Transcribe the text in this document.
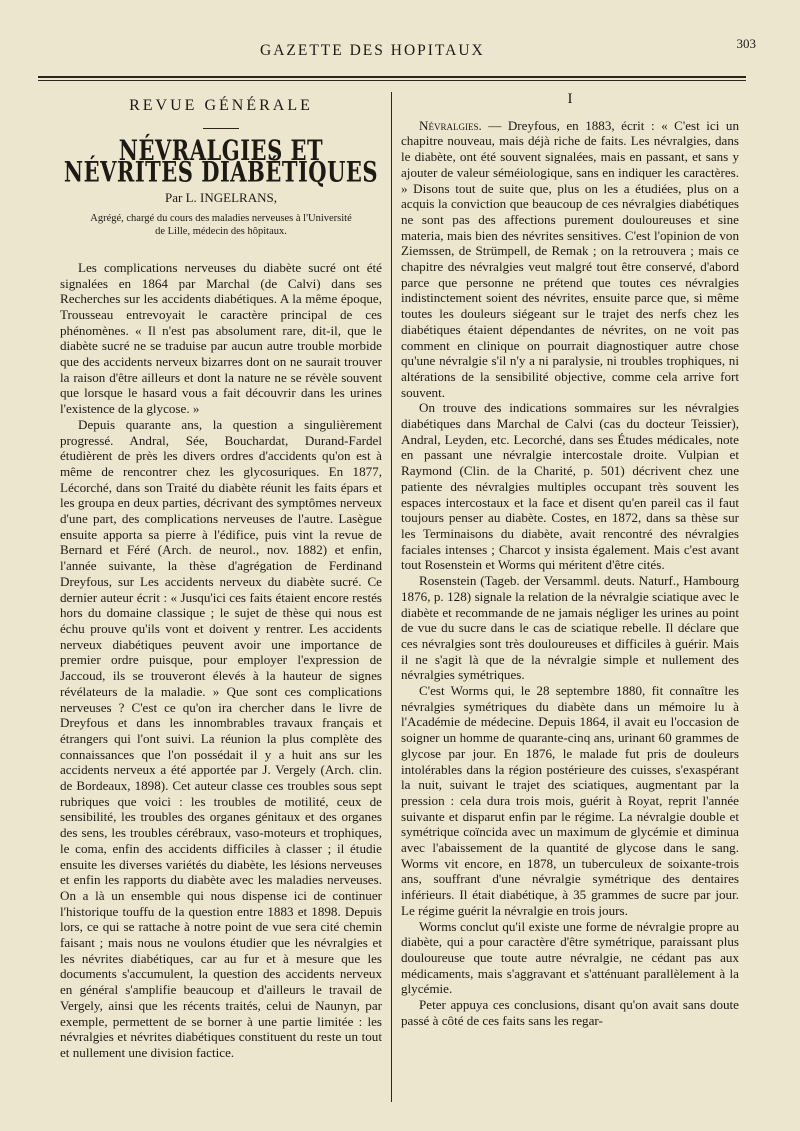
GAZETTE DES HOPITAUX	303
REVUE GÉNÉRALE
NÉVRALGIES ET NÉVRITES DIABÉTIQUES
Par L. INGELRANS,
Agrégé, chargé du cours des maladies nerveuses à l'Université
de Lille, médecin des hôpitaux.

Les complications nerveuses du diabète sucré ont été signalées en 1864 par Marchal (de Calvi) dans ses Recherches sur les accidents diabétiques. A la même époque, Trousseau entrevoyait le caractère principal de ces phénomènes. « Il n'est pas absolument rare, dit-il, que le diabète sucré ne se traduise par aucun autre trouble morbide que des accidents nerveux bizarres dont on ne saurait trouver la raison d'être ailleurs et dont la nature ne se révèle souvent que lorsque le hasard vous a fait découvrir dans les urines l'existence de la glycose. »

Depuis quarante ans, la question a singulièrement progressé. Andral, Sée, Bouchardat, Durand-Fardel étudièrent de près les divers ordres d'accidents qu'on est à même de rencontrer chez les glycosuriques. En 1877, Lécorché, dans son Traité du diabète réunit les faits épars et les groupa en deux parties, décrivant des symptômes nerveux d'une part, des complications nerveuses de l'autre. Lasègue ensuite apporta sa pierre à l'édifice, puis vint la revue de Bernard et Féré (Arch. de neurol., nov. 1882) et enfin, l'année suivante, la thèse d'agrégation de Ferdinand Dreyfous, sur Les accidents nerveux du diabète sucré. Ce dernier auteur écrit : « Jusqu'ici ces faits étaient encore restés hors du domaine classique ; le sujet de thèse qui nous est échu prouve qu'ils vont et doivent y rentrer. Les accidents nerveux diabétiques peuvent avoir une importance de premier ordre puisque, pour employer l'expression de Jaccoud, ils se trouveront élevés à la hauteur de signes révélateurs de la maladie. » Que sont ces complications nerveuses ? C'est ce qu'on ira chercher dans le livre de Dreyfous et dans les innombrables travaux français et étrangers qui l'ont suivi. La réunion la plus complète des connaissances que l'on possédait il y a huit ans sur les accidents nerveux a été apportée par J. Vergely (Arch. clin. de Bordeaux, 1898). Cet auteur classe ces troubles sous sept rubriques que voici : les troubles de motilité, ceux de sensibilité, les troubles des organes génitaux et des organes des sens, les troubles cérébraux, vaso-moteurs et trophiques, le coma, enfin des accidents difficiles à classer ; il étudie ensuite les diverses variétés du diabète, les lésions nerveuses et enfin les rapports du diabète avec les maladies nerveuses. On a là un ensemble qui nous dispense ici de continuer l'historique touffu de la question entre 1883 et 1898. Depuis lors, ce qui se rattache à notre point de vue sera cité chemin faisant ; mais nous ne voulons étudier que les névralgies et les névrites diabétiques, car au fur et à mesure que les documents s'accumulent, la question des accidents nerveux en général s'amplifie beaucoup et d'ailleurs le travail de Vergely, ainsi que les récents traités, celui de Naunyn, par exemple, permettent de se borner à une partie limitée : les névralgies et névrites diabétiques constituent du reste un tout et nullement une division factice.

I

Névralgies. — Dreyfous, en 1883, écrit : « C'est ici un chapitre nouveau, mais déjà riche de faits. Les névralgies, dans le diabète, ont été souvent signalées, mais en passant, et sans y ajouter de valeur séméiologique, sans en indiquer les caractères. » Disons tout de suite que, plus on les a étudiées, plus on a acquis la conviction que beaucoup de ces névralgies diabétiques ne sont pas des affections purement douloureuses et sine materia, mais bien des névrites sensitives. C'est l'opinion de von Ziemssen, de Strümpell, de Remak ; on la retrouvera ; mais ce chapitre des névralgies veut malgré tout être conservé, d'abord parce que personne ne prétend que toutes ces névralgies indistinctement soient des névrites, ensuite parce que, si même toutes les douleurs siégeant sur le trajet des nerfs chez les diabétiques étaient dépendantes de névrites, on ne voit pas comment en clinique on pourrait diagnostiquer autre chose qu'une névralgie s'il n'y a ni paralysie, ni troubles trophiques, ni altérations de la sensibilité objective, comme cela arrive fort souvent.

On trouve des indications sommaires sur les névralgies diabétiques dans Marchal de Calvi (cas du docteur Teissier), Andral, Leyden, etc. Lecorché, dans ses Études médicales, note en passant une névralgie intercostale droite. Vulpian et Raymond (Clin. de la Charité, p. 501) décrivent chez une patiente des névralgies multiples occupant très souvent les espaces intercostaux et la face et disent qu'en pareil cas il faut toujours penser au diabète. Costes, en 1872, dans sa thèse sur les Terminaisons du diabète, avait rencontré des névralgies faciales intenses ; Charcot y insista également. Mais c'est avant tout Rosenstein et Worms qui méritent d'être cités.

Rosenstein (Tageb. der Versamml. deuts. Naturf., Hambourg 1876, p. 128) signale la relation de la névralgie sciatique avec le diabète et recommande de ne jamais négliger les urines au point de vue du sucre dans le cas de sciatique rebelle. Il déclare que ces névralgies sont très douloureuses et difficiles à guérir. Mais il ne s'agit là que de la névralgie simple et nullement des névralgies symétriques.

C'est Worms qui, le 28 septembre 1880, fit connaître les névralgies symétriques du diabète dans un mémoire lu à l'Académie de médecine. Depuis 1864, il avait eu l'occasion de soigner un homme de quarante-cinq ans, urinant 60 grammes de glycose par jour. En 1876, le malade fut pris de douleurs intolérables dans la région postérieure des cuisses, s'exaspérant la nuit, suivant le trajet des sciatiques, augmentant par la pression : cela dura trois mois, guérit à Royat, reprit l'année suivante et disparut enfin par le régime. La névralgie double et symétrique coïncida avec un maximum de glycémie et diminua avec l'abaissement de la quantité de glycose dans le sang. Worms vit encore, en 1878, un tuberculeux de soixante-trois ans, souffrant d'une névralgie symétrique des dentaires inférieurs. Il était diabétique, à 35 grammes de sucre par jour. Le régime guérit la névralgie en trois jours.

Worms conclut qu'il existe une forme de névralgie propre au diabète, qui a pour caractère d'être symétrique, paraissant plus douloureuse que toute autre névralgie, ne cédant pas aux médicaments, mais s'aggravant et s'atténuant parallèlement à la glycémie.

Peter appuya ces conclusions, disant qu'on avait sans doute passé à côté de ces faits sans les regar-
